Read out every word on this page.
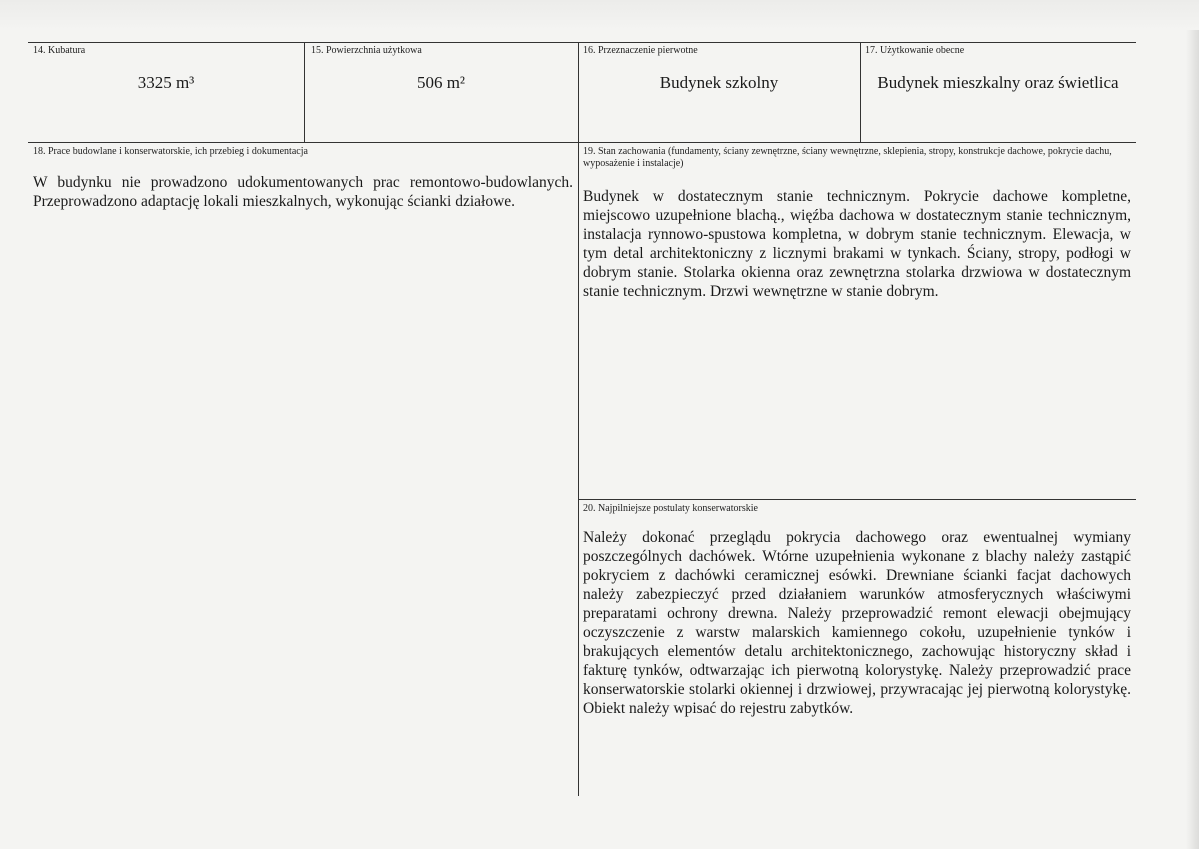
14. Kubatura
3325 m³
15. Powierzchnia użytkowa
506 m²
16. Przeznaczenie pierwotne
Budynek szkolny
17. Użytkowanie obecne
Budynek mieszkalny oraz świetlica
18. Prace budowlane i konserwatorskie, ich przebieg i dokumentacja

W budynku nie prowadzono udokumentowanych prac remontowo-budowlanych. Przeprowadzono adaptację lokali mieszkalnych, wykonując ścianki działowe.

19. Stan zachowania (fundamenty, ściany zewnętrzne, ściany wewnętrzne, sklepienia, stropy, konstrukcje dachowe, pokrycie dachu, wyposażenie i instalacje)

Budynek w dostatecznym stanie technicznym. Pokrycie dachowe kompletne, miejscowo uzupełnione blachą., więźba dachowa w dostatecznym stanie technicznym, instalacja rynnowo-spustowa kompletna, w dobrym stanie technicznym. Elewacja, w tym detal architektoniczny z licznymi brakami w tynkach. Ściany, stropy, podłogi w dobrym stanie. Stolarka okienna oraz zewnętrzna stolarka drzwiowa w dostatecznym stanie technicznym. Drzwi wewnętrzne w stanie dobrym.

20. Najpilniejsze postulaty konserwatorskie

Należy dokonać przeglądu pokrycia dachowego oraz ewentualnej wymiany poszczególnych dachówek. Wtórne uzupełnienia wykonane z blachy należy zastąpić pokryciem z dachówki ceramicznej esówki. Drewniane ścianki facjat dachowych należy zabezpieczyć przed działaniem warunków atmosferycznych właściwymi preparatami ochrony drewna. Należy przeprowadzić remont elewacji obejmujący oczyszczenie z warstw malarskich kamiennego cokołu, uzupełnienie tynków i brakujących elementów detalu architektonicznego, zachowując historyczny skład i fakturę tynków, odtwarzając ich pierwotną kolorystykę. Należy przeprowadzić prace konserwatorskie stolarki okiennej i drzwiowej, przywracając jej pierwotną kolorystykę. Obiekt należy wpisać do rejestru zabytków.
